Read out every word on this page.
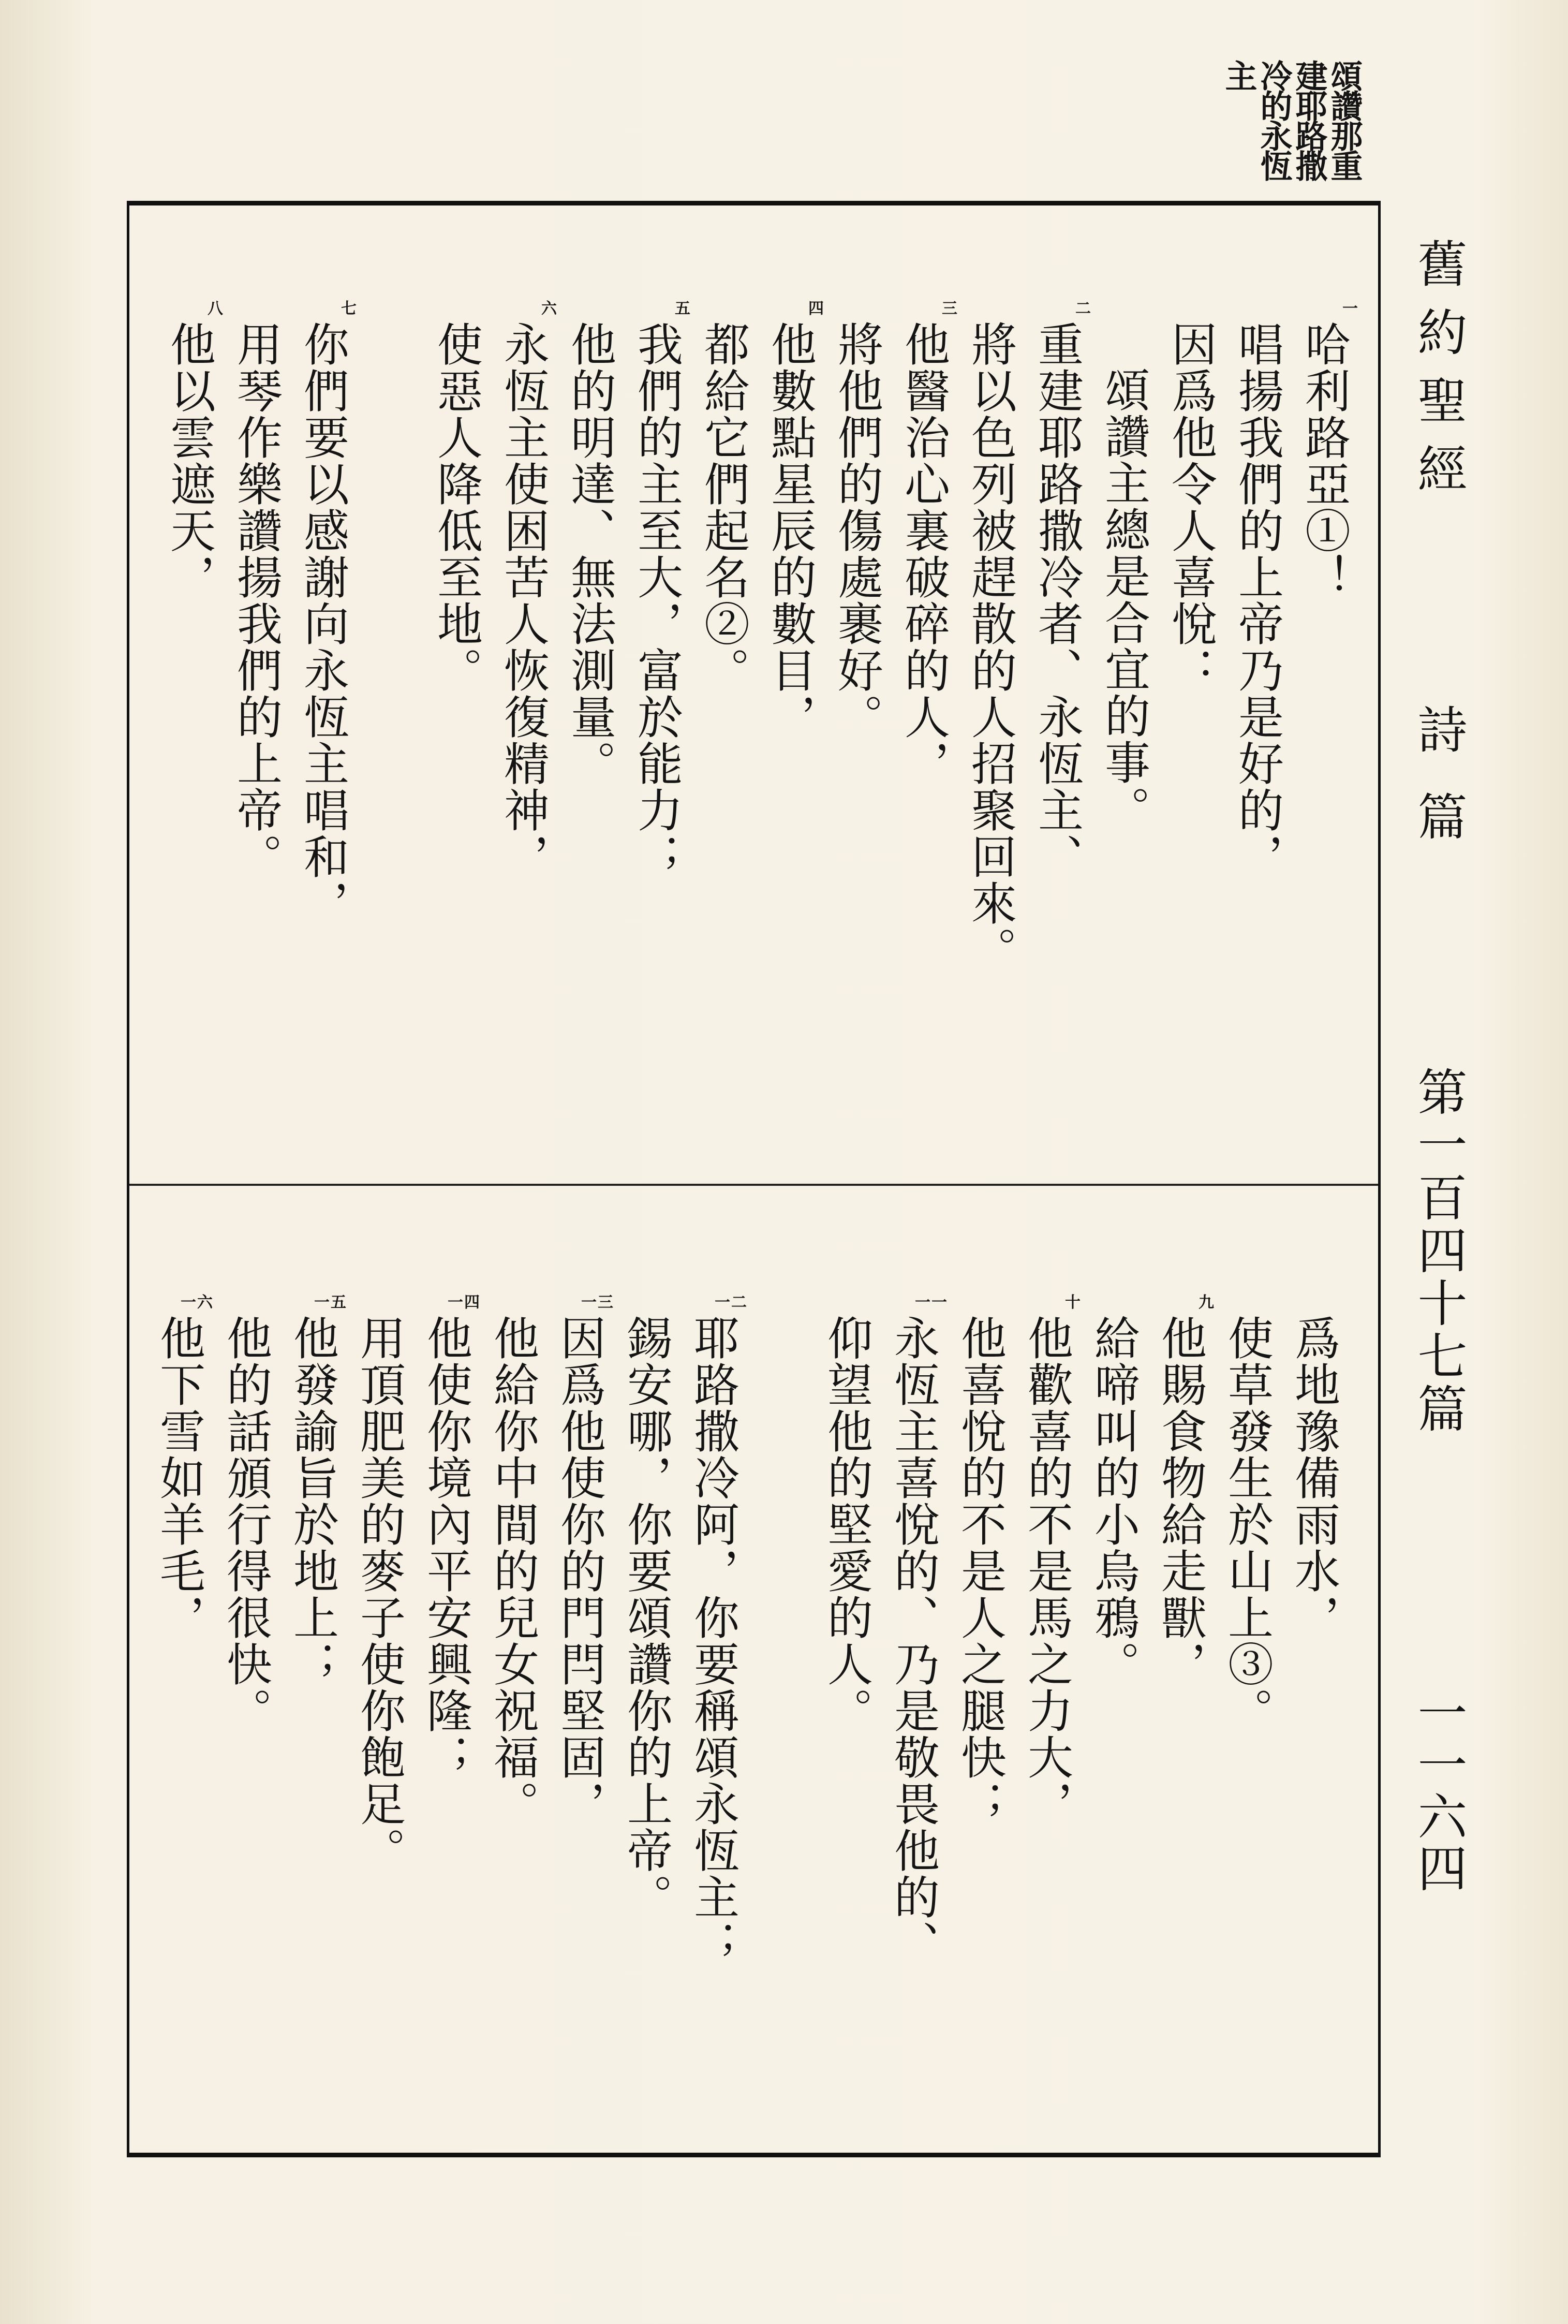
頌讚那重
建耶路撒
冷的永恆
主
舊約聖經
詩篇
第一百四十七篇
一一六四
一
哈利路亞①！
唱揚我們的上帝乃是好的，
因爲他令人喜悅：
頌讚主總是合宜的事。
二
重建耶路撒冷者、永恆主、
將以色列被趕散的人招聚回來。
三
他醫治心裏破碎的人，
將他們的傷處裹好。
四
他數點星辰的數目，
都給它們起名②。
五
我們的主至大，富於能力；
他的明達、無法測量。
六
永恆主使困苦人恢復精神，
使惡人降低至地。
七
你們要以感謝向永恆主唱和，
用琴作樂讚揚我們的上帝。
八
他以雲遮天，
爲地豫備雨水，
使草發生於山上③。
九
他賜食物給走獸，
給啼叫的小烏鴉。
十
他歡喜的不是馬之力大，
他喜悅的不是人之腿快；
一一
永恆主喜悅的、乃是敬畏他的、
仰望他的堅愛的人。
一二
耶路撒冷阿，你要稱頌永恆主；
錫安哪，你要頌讚你的上帝。
一三
因爲他使你的門閂堅固，
他給你中間的兒女祝福。
一四
他使你境內平安興隆；
用頂肥美的麥子使你飽足。
一五
他發諭旨於地上；
他的話頒行得很快。
一六
他下雪如羊毛，
